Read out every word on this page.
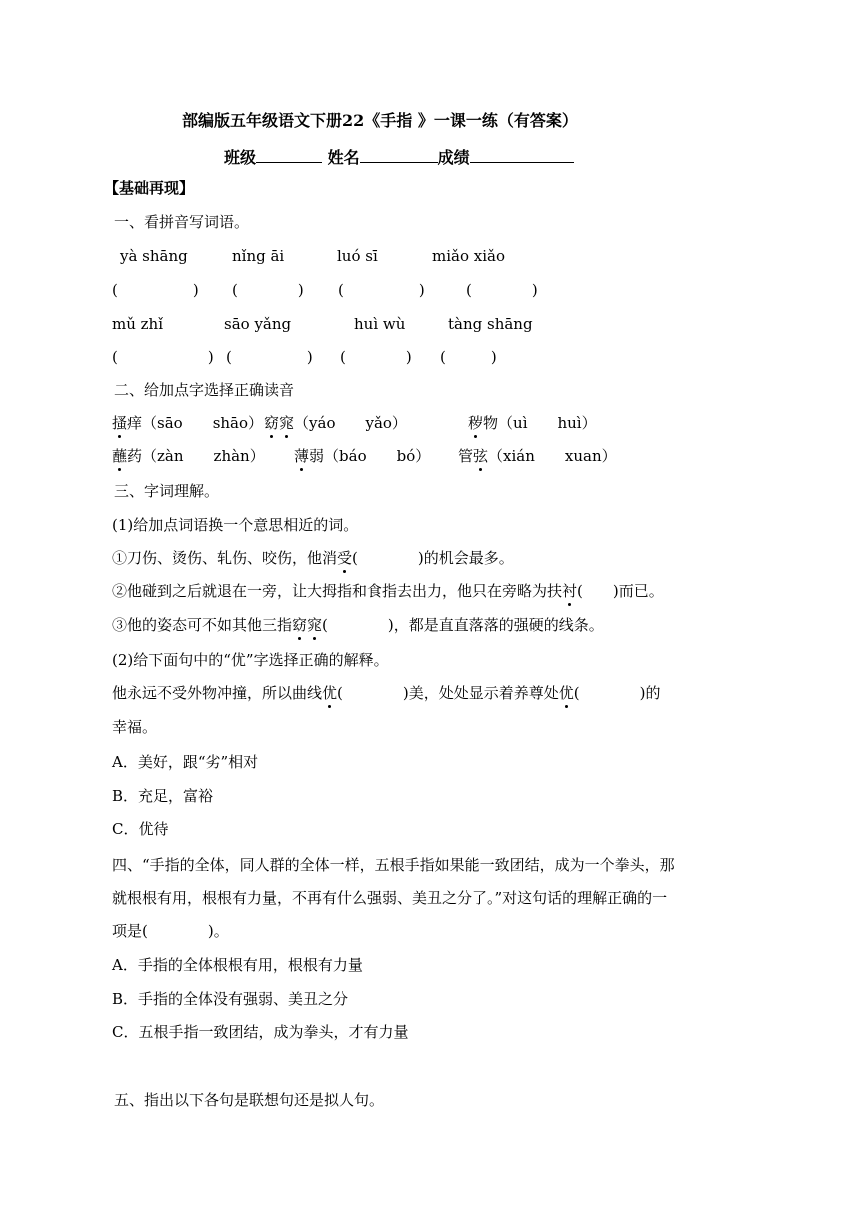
部编版五年级语文下册22《手指 》一课一练（有答案）
班级	姓名	成绩
【基础再现】
一、看拼音写词语。
yà shāng	nǐng āi	luó sī	miǎo xiǎo
(　　　　　) (　　　　) (　　　　　)	(　　　　)
mǔ zhǐ	sāo yǎng	huì wù	tàng shāng
(　　　　　　) (　　　　　) (　　　　) (　　　)
二、给加点字选择正确读音
搔痒（sāo　　shāo） 窈窕（yáo　　yǎo）	秽物（uì　　huì）
蘸药（zàn　　zhàn） 薄弱（báo　　bó） 管弦（xián　　xuan）
三、字词理解。
(1)给加点词语换一个意思相近的词。
①刀伤、烫伤、轧伤、咬伤，他消受(　　　　)的机会最多。
②他碰到之后就退在一旁，让大拇指和食指去出力，他只在旁略为扶衬(　　)而已。
③他的姿态可不如其他三指窈窕(　　　　)，都是直直落落的强硬的线条。
(2)给下面句中的“优”字选择正确的解释。
他永远不受外物冲撞，所以曲线优(　　　　)美，处处显示着养尊处优(　　　　)的
幸福。
A．美好，跟“劣”相对
B．充足，富裕
C．优待
四、“手指的全体，同人群的全体一样，五根手指如果能一致团结，成为一个拳头，那
就根根有用，根根有力量，不再有什么强弱、美丑之分了。”对这句话的理解正确的一
项是(　　　　)。
A．手指的全体根根有用，根根有力量
B．手指的全体没有强弱、美丑之分
C．五根手指一致团结，成为拳头，才有力量
五、指出以下各句是联想句还是拟人句。
